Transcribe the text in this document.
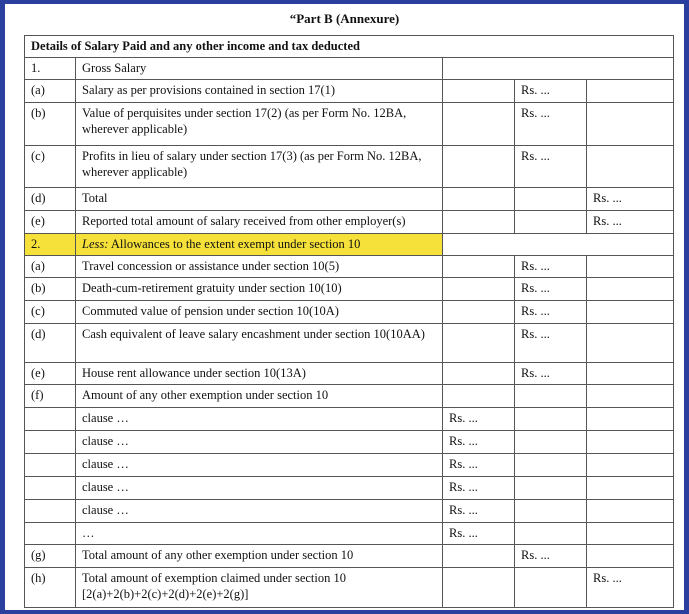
“Part B (Annexure)
Details of Salary Paid and any other income and tax deducted				
1.	Gross Salary			
(a)	Salary as per provisions contained in section 17(1)		Rs. ...	
(b)	Value of perquisites under section 17(2) (as per Form No. 12BA, wherever applicable)		Rs. ...	
(c)	Profits in lieu of salary under section 17(3) (as per Form No. 12BA, wherever applicable)		Rs. ...	
(d)	Total			Rs. ...
(e)	Reported total amount of salary received from other employer(s)			Rs. ...
2.	Less: Allowances to the extent exempt under section 10			
(a)	Travel concession or assistance under section 10(5)		Rs. ...	
(b)	Death-cum-retirement gratuity under section 10(10)		Rs. ...	
(c)	Commuted value of pension under section 10(10A)		Rs. ...	
(d)	Cash equivalent of leave salary encashment under section 10(10AA)		Rs. ...	
(e)	House rent allowance under section 10(13A)		Rs. ...	
(f)	Amount of any other exemption under section 10			
	clause …	Rs. ...		
	clause …	Rs. ...		
	clause …	Rs. ...		
	clause …	Rs. ...		
	clause …	Rs. ...		
	…	Rs. ...		
(g)	Total amount of any other exemption under section 10		Rs. ...	
(h)	Total amount of exemption claimed under section 10 [2(a)+2(b)+2(c)+2(d)+2(e)+2(g)]			Rs. ...
